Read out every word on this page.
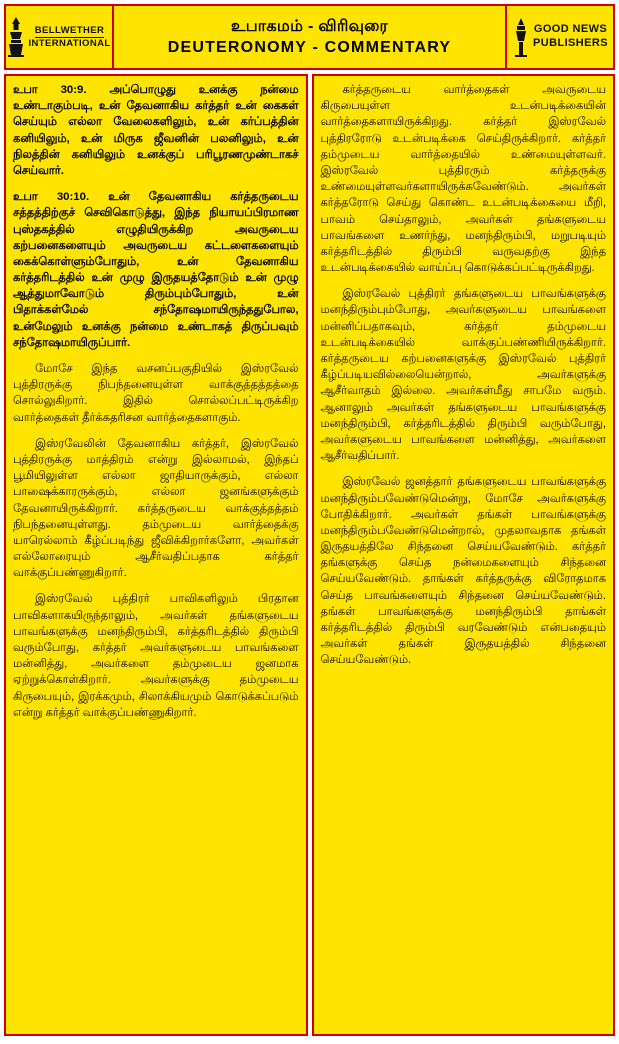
BELLWETHER
INTERNATIONAL
உபாகமம் - விரிவுரை
DEUTERONOMY - COMMENTARY
GOOD NEWS
PUBLISHERS

உபா 30:9. அப்பொழுது உனக்கு நன்மை உண்டாகும்படி, உன் தேவனாகிய கர்த்தர் உன் கைகள் செய்யும் எல்லா வேலைகளிலும், உன் கர்ப்பத்தின் கனியிலும், உன் மிருக ஜீவனின் பலனிலும், உன் நிலத்தின் கனியிலும் உனக்குப் பரிபூரணமுண்டாகச் செய்வார்.

உபா 30:10. உன் தேவனாகிய கர்த்தருடைய சத்தத்திற்குச் செவிகொடுத்து, இந்த நியாயப்பிரமாண புஸ்தகத்தில் எழுதியிருக்கிற அவருடைய கற்பனைகளையும் அவருடைய கட்டளைகளையும் கைக்கொள்ளும்போதும், உன் தேவனாகிய கர்த்தரிடத்தில் உன் முழு இருதயத்தோடும் உன் முழு ஆத்துமாவோடும் திரும்பும்போதும், உன் பிதாக்கள்மேல் சந்தோஷமாயிருந்ததுபோல, உன்மேலும் உனக்கு நன்மை உண்டாகத் திருப்பவும் சந்தோஷமாயிருப்பார்.

மோசே இந்த வசனப்பகுதியில் இஸ்ரவேல் புத்திரருக்கு நிபந்தனையுள்ள வாக்குத்தத்தத்தை சொல்லுகிறார். இதில் சொல்லப்பட்டிருக்கிற வார்த்தைகள் தீர்க்கதரிசன வார்த்தைகளாகும்.

இஸ்ரவேலின் தேவனாகிய கர்த்தர், இஸ்ரவேல் புத்திரருக்கு மாத்திரம் என்று இல்லாமல், இந்தப் பூமியிலுள்ள எல்லா ஜாதியாருக்கும், எல்லா பாஷைக்காரருக்கும், எல்லா ஜனங்களுக்கும் தேவனாயிருக்கிறார். கர்த்தருடைய வாக்குத்தத்தம் நிபந்தனையுள்ளது. தம்முடைய வார்த்தைக்கு யாரெல்லாம் கீழ்ப்படிந்து ஜீவிக்கிறார்களோ, அவர்கள் எல்லோரையும் ஆசீர்வதிப்பதாக கர்த்தர் வாக்குப்பண்ணுகிறார்.

இஸ்ரவேல் புத்திரர் பாவிகளிலும் பிரதான பாவிகளாகயிருந்தாலும், அவர்கள் தங்களுடைய பாவங்களுக்கு மனந்திரும்பி, கர்த்தரிடத்தில் திரும்பி வரும்போது, கர்த்தர் அவர்களுடைய பாவங்களை மன்னித்து, அவர்களை தம்முடைய ஜனமாக ஏற்றுக்கொள்கிறார். அவர்களுக்கு தம்முடைய கிருபையும், இரக்கமும், சிலாக்கியமும் கொடுக்கப்படும் என்று கர்த்தர் வாக்குப்பண்ணுகிறார்.

கர்த்தருடைய வார்த்தைகள் அவருடைய கிருபையுள்ள உடன்படிக்கையின் வார்த்தைகளாயிருக்கிறது. கர்த்தர் இஸ்ரவேல் புத்திரரோடு உடன்படிக்கை செய்திருக்கிறார். கர்த்தர் தம்முடைய வார்த்தையில் உண்மையுள்ளவர். இஸ்ரவேல் புத்திரரும் கர்த்தருக்கு உண்மையுள்ளவர்களாயிருக்கவேண்டும். அவர்கள் கர்த்தரோடு செய்து கொண்ட உடன்படிக்கையை மீறி, பாவம் செய்தாலும், அவர்கள் தங்களுடைய பாவங்களை உணர்ந்து, மனந்திரும்பி, மறுபடியும் கர்த்தரிடத்தில் திரும்பி வருவதற்கு இந்த உடன்படிக்கையில் வாய்ப்பு கொடுக்கப்பட்டிருக்கிறது.

இஸ்ரவேல் புத்திரர் தங்களுடைய பாவங்களுக்கு மனந்திரும்பும்போது, அவர்களுடைய பாவங்களை மன்னிப்பதாகவும், கர்த்தர் தம்முடைய உடன்படிக்கையில் வாக்குப்பண்ணியிருக்கிறார். கர்த்தருடைய கற்பனைகளுக்கு இஸ்ரவேல் புத்திரர் கீழ்ப்படியவில்லையென்றால், அவர்களுக்கு ஆசீர்வாதம் இல்லை. அவர்கள்மீது சாபமே வரும். ஆனாலும் அவர்கள் தங்களுடைய பாவங்களுக்கு மனந்திரும்பி, கர்த்தரிடத்தில் திரும்பி வரும்போது, அவர்களுடைய பாவங்களை மன்னித்து, அவர்களை ஆசீர்வதிப்பார்.

இஸ்ரவேல் ஜனத்தார் தங்களுடைய பாவங்களுக்கு மனந்திரும்பவேண்டுமென்று, மோசே அவர்களுக்கு போதிக்கிறார். அவர்கள் தங்கள் பாவங்களுக்கு மனந்திரும்பவேண்டுமென்றால், முதலாவதாக தங்கள் இருதயத்திலே சிந்தனை செய்யவேண்டும். கர்த்தர் தங்களுக்கு செய்த நன்மைகளையும் சிந்தனை செய்யவேண்டும். தாங்கள் கர்த்தருக்கு விரோதமாக செய்த பாவங்களையும் சிந்தனை செய்யவேண்டும். தங்கள் பாவங்களுக்கு மனந்திரும்பி தாங்கள் கர்த்தரிடத்தில் திரும்பி வரவேண்டும் என்பதையும் அவர்கள் தங்கள் இருதயத்தில் சிந்தனை செய்யவேண்டும்.
